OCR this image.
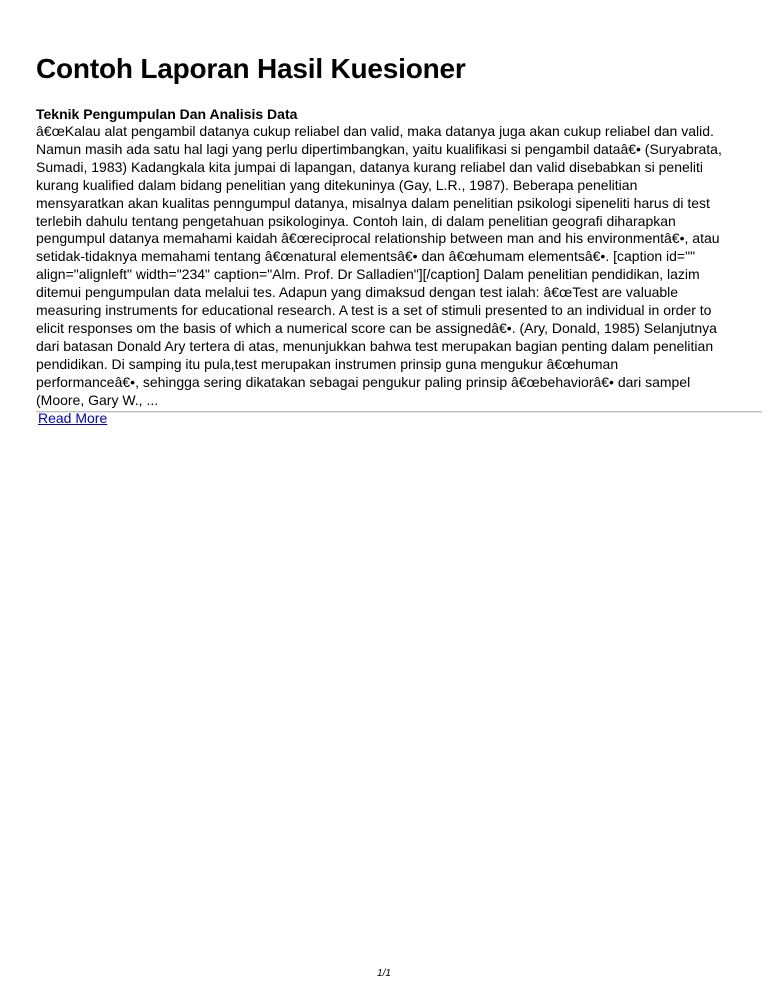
Contoh Laporan Hasil Kuesioner
Teknik Pengumpulan Dan Analisis Data

â€œKalau alat pengambil datanya cukup reliabel dan valid, maka datanya juga akan cukup reliabel dan valid. Namun masih ada satu hal lagi yang perlu dipertimbangkan, yaitu kualifikasi si pengambil dataâ€• (Suryabrata, Sumadi, 1983) Kadangkala kita jumpai di lapangan, datanya kurang reliabel dan valid disebabkan si peneliti kurang kualified dalam bidang penelitian yang ditekuninya (Gay, L.R., 1987). Beberapa penelitian mensyaratkan akan kualitas penngumpul datanya, misalnya dalam penelitian psikologi sipeneliti harus di test terlebih dahulu tentang pengetahuan psikologinya. Contoh lain, di dalam penelitian geografi diharapkan pengumpul datanya memahami kaidah â€œreciprocal relationship between man and his environmentâ€•, atau setidak-tidaknya memahami tentang â€œnatural elementsâ€• dan â€œhumam elementsâ€•. [caption id="" align="alignleft" width="234" caption="Alm. Prof. Dr Salladien"][/caption] Dalam penelitian pendidikan, lazim ditemui pengumpulan data melalui tes. Adapun yang dimaksud dengan test ialah: â€œTest are valuable measuring instruments for educational research. A test is a set of stimuli presented to an individual in order to elicit responses om the basis of which a numerical score can be assignedâ€•. (Ary, Donald, 1985) Selanjutnya dari batasan Donald Ary tertera di atas, menunjukkan bahwa test merupakan bagian penting dalam penelitian pendidikan. Di samping itu pula,test merupakan instrumen prinsip guna mengukur â€œhuman performanceâ€•, sehingga sering dikatakan sebagai pengukur paling prinsip â€œbehaviorâ€• dari sampel (Moore, Gary W., ...

Read More
1/1
